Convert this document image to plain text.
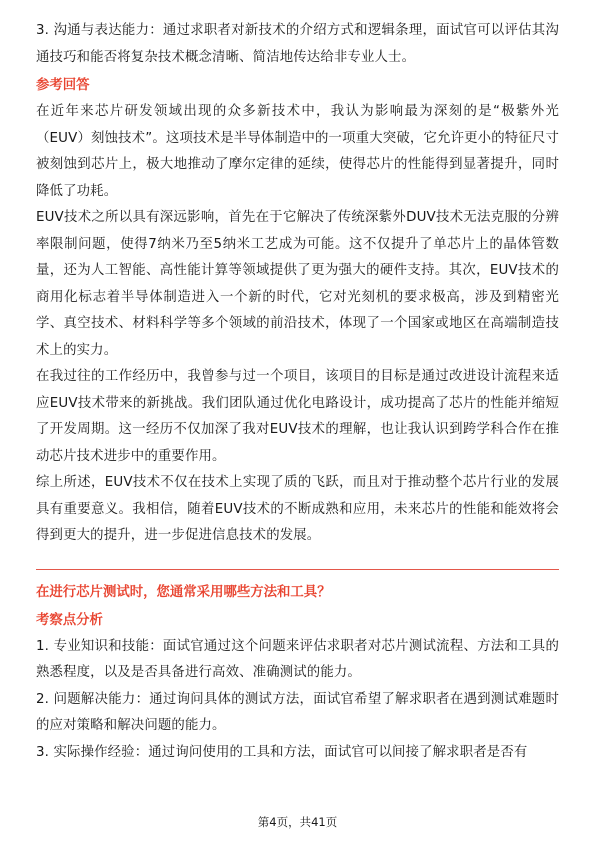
3. 沟通与表达能力：通过求职者对新技术的介绍方式和逻辑条理，面试官可以评估其沟通技巧和能否将复杂技术概念清晰、简洁地传达给非专业人士。

参考回答

在近年来芯片研发领域出现的众多新技术中，我认为影响最为深刻的是“极紫外光（EUV）刻蚀技术”。这项技术是半导体制造中的一项重大突破，它允许更小的特征尺寸被刻蚀到芯片上，极大地推动了摩尔定律的延续，使得芯片的性能得到显著提升，同时降低了功耗。

EUV技术之所以具有深远影响，首先在于它解决了传统深紫外DUV技术无法克服的分辨率限制问题，使得7纳米乃至5纳米工艺成为可能。这不仅提升了单芯片上的晶体管数量，还为人工智能、高性能计算等领域提供了更为强大的硬件支持。其次，EUV技术的商用化标志着半导体制造进入一个新的时代，它对光刻机的要求极高，涉及到精密光学、真空技术、材料科学等多个领域的前沿技术，体现了一个国家或地区在高端制造技术上的实力。

在我过往的工作经历中，我曾参与过一个项目，该项目的目标是通过改进设计流程来适应EUV技术带来的新挑战。我们团队通过优化电路设计，成功提高了芯片的性能并缩短了开发周期。这一经历不仅加深了我对EUV技术的理解，也让我认识到跨学科合作在推动芯片技术进步中的重要作用。

综上所述，EUV技术不仅在技术上实现了质的飞跃，而且对于推动整个芯片行业的发展具有重要意义。我相信，随着EUV技术的不断成熟和应用，未来芯片的性能和能效将会得到更大的提升，进一步促进信息技术的发展。

在进行芯片测试时，您通常采用哪些方法和工具？
考察点分析

1. 专业知识和技能：面试官通过这个问题来评估求职者对芯片测试流程、方法和工具的熟悉程度，以及是否具备进行高效、准确测试的能力。

2. 问题解决能力：通过询问具体的测试方法，面试官希望了解求职者在遇到测试难题时的应对策略和解决问题的能力。

3. 实际操作经验：通过询问使用的工具和方法，面试官可以间接了解求职者是否有

第4页，共41页
